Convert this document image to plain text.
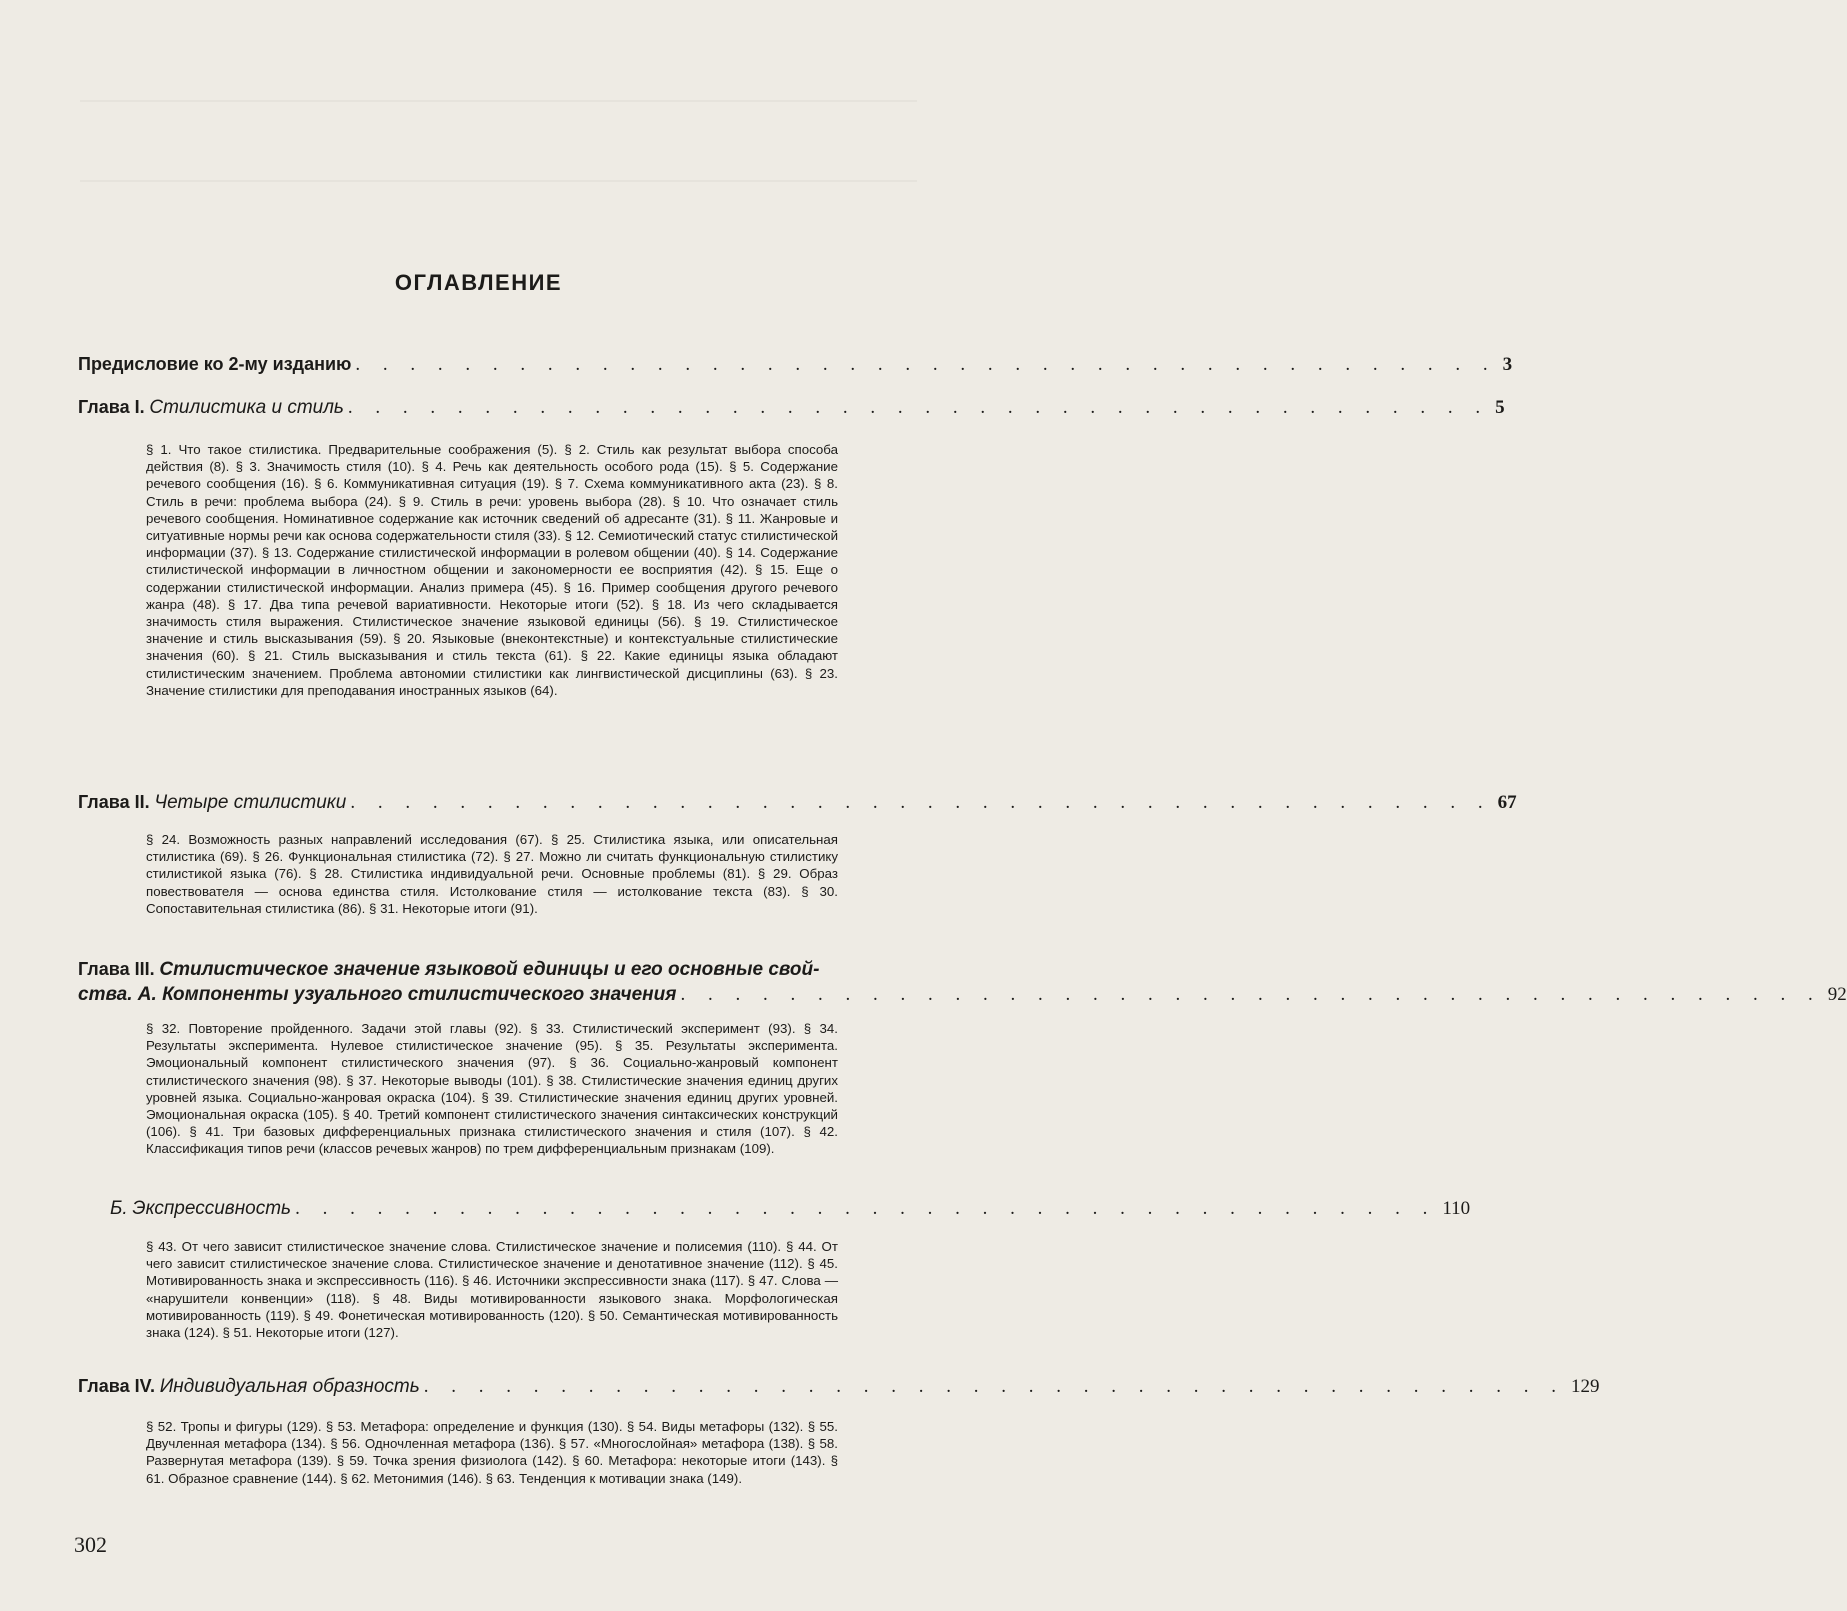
ОГЛАВЛЕНИЕ
Предисловие ко 2-му изданию . . . . . . . . . . . . . . . . . . . . . . . . . . . . . . . . . . . . . . . . . . 3
Глава I. Стилистика и стиль . . . . . . . . . . . . . . . . . . . . . . . . . . . . . . . . . . . . . . . . . . 5
§ 1. Что такое стилистика. Предварительные соображения (5). § 2. Стиль как результат выбора способа действия (8). § 3. Значимость стиля (10). § 4. Речь как деятельность особого рода (15). § 5. Содержание речевого сообщения (16). § 6. Коммуникативная ситуация (19). § 7. Схема коммуникативного акта (23). § 8. Стиль в речи: проблема выбора (24). § 9. Стиль в речи: уровень выбора (28). § 10. Что означает стиль речевого сообщения. Номинативное содержание как источник сведений об адресанте (31). § 11. Жанровые и ситуативные нормы речи как основа содержательности стиля (33). § 12. Семиотический статус стилистической информации (37). § 13. Содержание стилистической информации в ролевом общении (40). § 14. Содержание стилистической информации в личностном общении и закономерности ее восприятия (42). § 15. Еще о содержании стилистической информации. Анализ примера (45). § 16. Пример сообщения другого речевого жанра (48). § 17. Два типа речевой вариативности. Некоторые итоги (52). § 18. Из чего складывается значимость стиля выражения. Стилистическое значение языковой единицы (56). § 19. Стилистическое значение и стиль высказывания (59). § 20. Языковые (внеконтекстные) и контекстуальные стилистические значения (60). § 21. Стиль высказывания и стиль текста (61). § 22. Какие единицы языка обладают стилистическим значением. Проблема автономии стилистики как лингвистической дисциплины (63). § 23. Значение стилистики для преподавания иностранных языков (64).
Глава II. Четыре стилистики . . . . . . . . . . . . . . . . . . . . . . . . . . . . . . . . . . . . . . . . . . 67
§ 24. Возможность разных направлений исследования (67). § 25. Стилистика языка, или описательная стилистика (69). § 26. Функциональная стилистика (72). § 27. Можно ли считать функциональную стилистику стилистикой языка (76). § 28. Стилистика индивидуальной речи. Основные проблемы (81). § 29. Образ повествователя — основа единства стиля. Истолкование стиля — истолкование текста (83). § 30. Сопоставительная стилистика (86). § 31. Некоторые итоги (91).
Глава III. Стилистическое значение языковой единицы и его основные свой-
ства. А. Компоненты узуального стилистического значения . . . . . . . . . . . . . . . . . . . . . . . . . . . . . . . . . . . . . . . . . . 92
§ 32. Повторение пройденного. Задачи этой главы (92). § 33. Стилистический эксперимент (93). § 34. Результаты эксперимента. Нулевое стилистическое значение (95). § 35. Результаты эксперимента. Эмоциональный компонент стилистического значения (97). § 36. Социально-жанровый компонент стилистического значения (98). § 37. Некоторые выводы (101). § 38. Стилистические значения единиц других уровней языка. Социально-жанровая окраска (104). § 39. Стилистические значения единиц других уровней. Эмоциональная окраска (105). § 40. Третий компонент стилистического значения синтаксических конструкций (106). § 41. Три базовых дифференциальных признака стилистического значения и стиля (107). § 42. Классификация типов речи (классов речевых жанров) по трем дифференциальным признакам (109).
Б. Экспрессивность . . . . . . . . . . . . . . . . . . . . . . . . . . . . . . . . . . . . . . . . . . 110
§ 43. От чего зависит стилистическое значение слова. Стилистическое значение и полисемия (110). § 44. От чего зависит стилистическое значение слова. Стилистическое значение и денотативное значение (112). § 45. Мотивированность знака и экспрессивность (116). § 46. Источники экспрессивности знака (117). § 47. Слова — «нарушители конвенции» (118). § 48. Виды мотивированности языкового знака. Морфологическая мотивированность (119). § 49. Фонетическая мотивированность (120). § 50. Семантическая мотивированность знака (124). § 51. Некоторые итоги (127).
Глава IV. Индивидуальная образность . . . . . . . . . . . . . . . . . . . . . . . . . . . . . . . . . . . . . . . . . . 129
§ 52. Тропы и фигуры (129). § 53. Метафора: определение и функция (130). § 54. Виды метафоры (132). § 55. Двучленная метафора (134). § 56. Одночленная метафора (136). § 57. «Многослойная» метафора (138). § 58. Развернутая метафора (139). § 59. Точка зрения физиолога (142). § 60. Метафора: некоторые итоги (143). § 61. Образное сравнение (144). § 62. Метонимия (146). § 63. Тенденция к мотивации знака (149).
302
